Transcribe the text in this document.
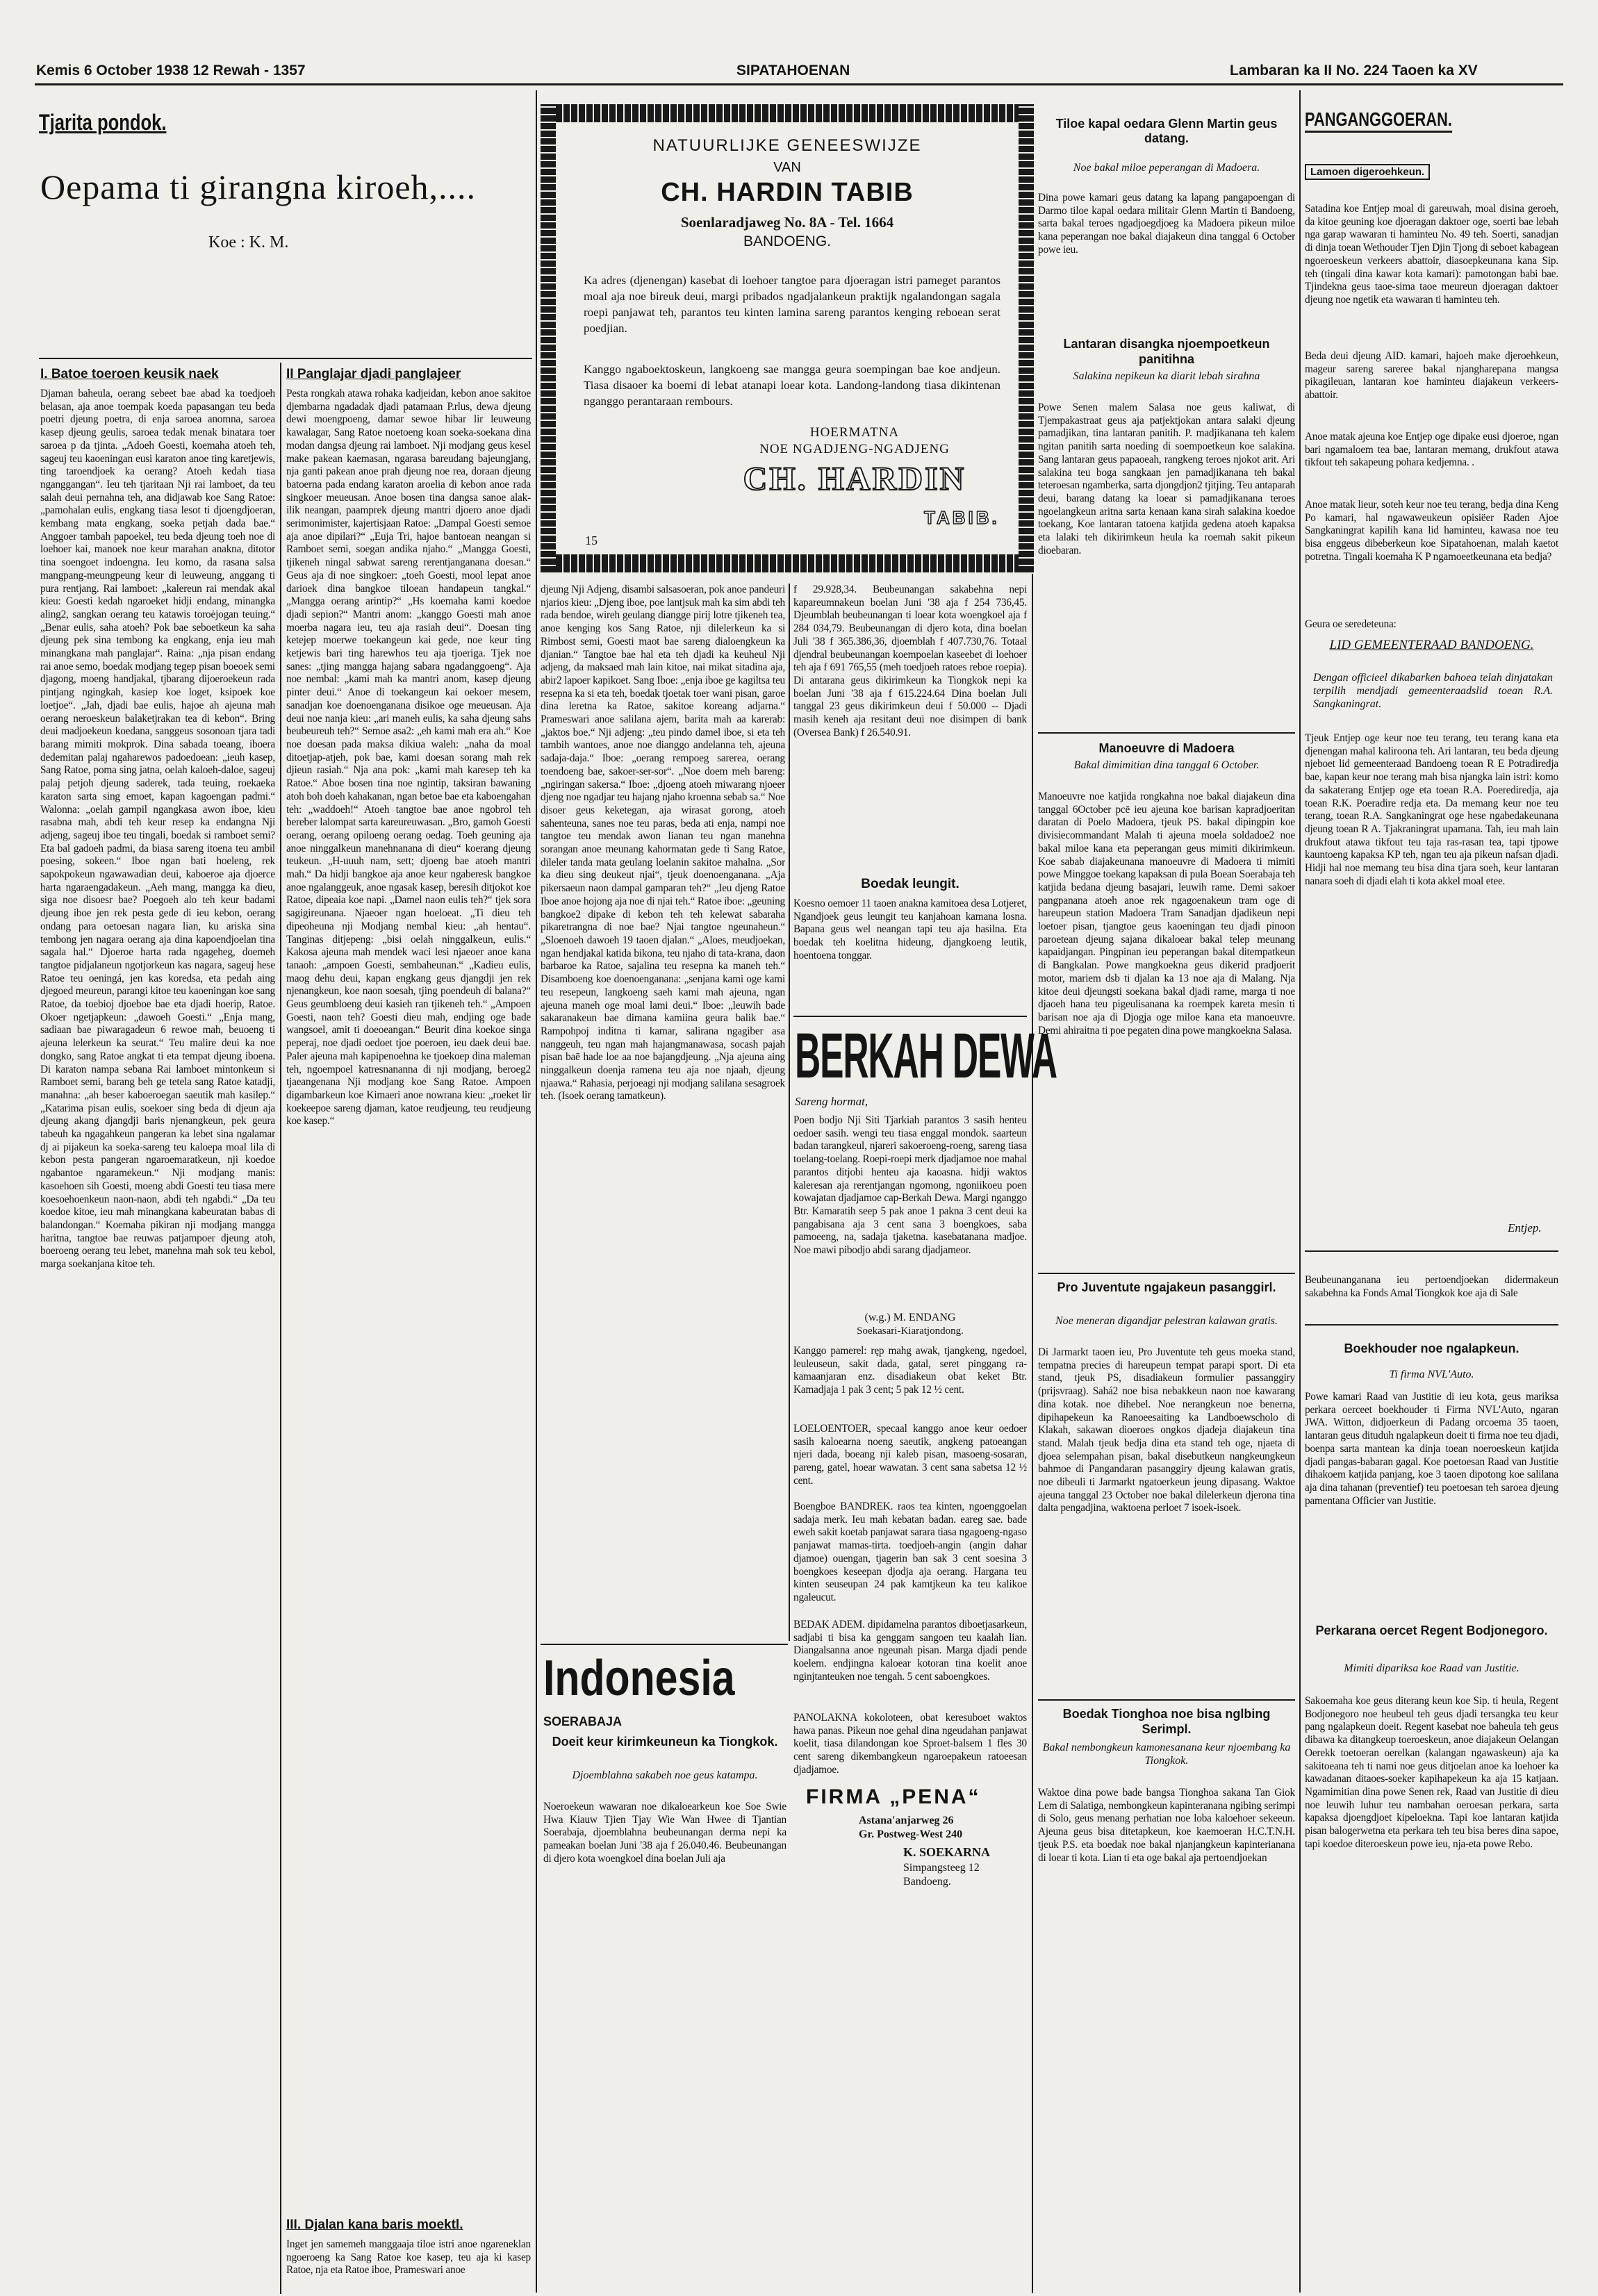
Kemis 6 October 1938 12 Rewah - 1357	SIPATAHOENAN	Lambaran ka II No. 224 Taoen ka XV
Tjarita pondok.
Oepama ti girangna kiroeh,....
Koe : K. M.
I. Batoe toeroen keusik naek
Djaman baheula, oerang sebeet bae abad ka toedjoeh belasan, aja anoe toempak koeda papasangan teu beda poetri djeung poetra, di enja saroea anomna, saroea kasep djeung geulis, saroea tedak menak binatara toer saroea p da tjinta. „Adoeh Goesti, koemaha atoeh teh, sageuj teu kaoeningan eusi karaton anoe ting karetjewis, ting taroendjoek ka oerang? Atoeh kedah tiasa nganggangan“. Ieu teh tjaritaan Nji rai lamboet, da teu salah deui pernahna teh, ana didjawab koe Sang Ratoe: „pamohalan eulis, engkang tiasa lesot ti djoengdjoeran, kembang mata engkang, soeka petjah dada bae.“ Anggoer tambah papoekeł, teu beda djeung toeh noe di loehoer kai, manoek noe keur marahan anakna, ditotor tina soengoet indoengna. Ieu komo, da rasana salsa mangpang-meungpeung keur di leuweung, anggang ti pura rentjang. Rai lamboet: „kalereun rai mendak akal kieu: Goesti kedah ngaroeket hidji endang, minangka aling2, sangkan oerang teu katawis toroėjogan teuing.“ „Benar eulis, saha atoeh? Pok bae seboetkeun ka saha djeung pek sina tembong ka engkang, enja ieu mah minangkana mah panglajar“. Raina: „nja pisan endang rai anoe semo, boedak modjang tegep pisan boeoek semi djagong, moeng handjakal, tjbarang dijoeroekeun rada pintjang ngingkah, kasiep koe loget, ksipoek koe loetjoe“. „Jah, djadi bae eulis, hajoe ah ajeuna mah oerang neroeskeun balaketjrakan tea di kebon“. Bring deui madjoekeun koedana, sanggeus sosonoan tjara tadi barang mimiti mokprok. Dina sabada toeang, iboera dedemitan palaj ngaharewos padoedoean: „ieuh kasep, Sang Ratoe, poma sing jatna, oelah kaloeh-daloe, sageuj palaj petjoh djeung saderek, tada teuing, roekaeka karaton sarta sing emoet, kapan kagoengan padmi.“ Walonna: „oelah gampil ngangkasa awon iboe, kieu rasabna mah, abdi teh keur resep ka endangna Nji adjeng, sageuj iboe teu tingali, boedak si ramboet semi? Eta bal gadoeh padmi, da biasa sareng itoena teu ambil poesing, sokeen.“ Iboe ngan bati hoeleng, rek sapokpokeun ngawawadian deui, kaboeroe aja djoerce harta ngaraengadakeun. „Aeh mang, mangga ka dieu, siga noe disoesr bae? Poegoeh alo teh keur badami djeung iboe jen rek pesta gede di ieu kebon, oerang ondang para oetoesan nagara lian, ku ariska sina tembong jen nagara oerang aja dina kapoendjoelan tina sagala hal.“ Djoeroe harta rada ngageheg, doemeh tangtoe pidjalaneun ngotjorkeun kas nagara, sageuj hese Ratoe teu oeningá, jen kas koredsa, eta pedah aing djegoed meureun, parangi kitoe teu kaoeningan koe sang Ratoe, da toebioj djoeboe bae eta djadi hoerip, Ratoe. Okoer ngetjapkeun: „dawoeh Goesti.“ „Enja mang, sadiaan bae piwaragadeun 6 rewoe mah, beuoeng ti ajeuna lelerkeun ka seurat.“ Teu malire deui ka noe dongko, sang Ratoe angkat ti eta tempat djeung iboena. Di karaton nampa sebana Rai lamboet mintonkeun si Ramboet semi, barang beh ge tetela sang Ratoe katadji, manahna: „ah beser kaboeroegan saeutik mah kasilep.“ „Katarima pisan eulis, soekoer sing beda di djeun aja djeung akang djangdji baris njenangkeun, pek geura tabeuh ka ngagahkeun pangeran ka lebet sina ngalamar dj ai pijakeun ka soeka-sareng teu kaloepa moal lila di kebon pesta pangeran ngaroemaratkeun, nji koedoe ngabantoe ngaramekeun.“ Nji modjang manis: kasoehoen sih Goesti, moeng abdi Goesti teu tiasa mere koesoehoenkeun naon-naon, abdi teh ngabdi.“ „Da teu koedoe kitoe, ieu mah minangkana kabeuratan babas di balandongan.“ Koemaha pikiran nji modjang mangga haritna, tangtoe bae reuwas patjampoer djeung atoh, boeroeng oerang teu lebet, manehna mah sok teu kebol, marga soekanjana kitoe teh.
II Panglajar djadi panglajeer
Pesta rongkah atawa rohaka kadjeidan, kebon anoe sakitoe djembarna ngadadak djadi patamaan P.rlus, dewa djeung dewi moengpoeng, damar sewoe hibar lir leuweung kawalagar, Sang Ratoe noetoeng koan soeka-soekana dina modan dangsa djeung rai lamboet. Nji modjang geus kesel make pakean kaemasan, ngarasa bareudang bajeungjang, nja ganti pakean anoe prah djeung noe rea, doraan djeung batoerna pada endang karaton aroelia di kebon anoe rada singkoer meueusan. Anoe bosen tina dangsa sanoe alak-ilik neangan, paamprek djeung mantri djoero anoe djadi serimonimister, kajertisjaan Ratoe: „Dampal Goesti semoe aja anoe dipilari?“ „Euja Tri, hajoe bantoean neangan si Ramboet semi, soegan andika njaho.“ „Mangga Goesti, tjikeneh ningal sabwat sareng rerentjanganana doesan.“ Geus aja di noe singkoer: „toeh Goesti, mool lepat anoe darioek dina bangkoe tiloean handapeun tangkal.“ „Mangga oerang arintip?“ „Hs koemaha kami koedoe djadi sepion?“ Mantri anom: „kanggo Goesti mah anoe moerba nagara ieu, teu aja rasiah deui“. Doesan ting ketejep moerwe toekangeun kai gede, noe keur ting ketjewis bari ting harewhos teu aja tjoeriga. Tjek noe sanes: „tjing mangga hajang sabara ngadanggoeng“. Aja noe nembal: „kami mah ka mantri anom, kasep djeung pinter deui.“ Anoe di toekangeun kai oekoer mesem, sanadjan koe doenoenganana disikoe oge meueusan. Aja deui noe nanja kieu: „ari maneh eulis, ka saha djeung sahs beubeureuh teh?“ Semoe asa2: „eh kami mah era ah.“ Koe noe doesan pada maksa dikiua waleh: „naha da moal ditoetjap-atjeh, pok bae, kami doesan sorang mah rek djieun rasiah.“ Nja ana pok: „kami mah karesep teh ka Ratoe.“ Aboe bosen tina noe ngintip, taksiran bawaning atoh boh doeh kahakanan, ngan betoe bae eta kaboengahan teh: „waddoeh!“ Atoeh tangtoe bae anoe ngobrol teh bereber lalompat sarta kareureuwasan. „Bro, gamoh Goesti oerang, oerang opiloeng oerang oedag. Toeh geuning aja anoe ninggalkeun manehnanana di dieu“ koerang djeung teukeun. „H-uuuh nam, sett; djoeng bae atoeh mantri mah.“ Da hidji bangkoe aja anoe keur ngaberesk bangkoe anoe ngalanggeuk, anoe ngasak kasep, beresih ditjokot koe Ratoe, dipeaia koe napi. „Damel naon eulis teh?“ tjek sora sagigireunana. Njaeoer ngan hoeloeat. „Ti dieu teh dipeoheuna nji Modjang nembal kieu: „ah hentau“. Tanginas ditjepeng: „bisi oelah ninggalkeun, eulis.“ Kakosa ajeuna mah mendek waci lesi njaeoer anoe kana tanaoh: „ampoen Goesti, sembaheunan.“ „Kadieu eulis, maog dehu deui, kapan engkang geus djangdji jen rek njenangkeun, koe naon soesah, tjing poendeuh di balana?“ Geus geumbloeng deui kasieh ran tjikeneh teh.“ „Ampoen Goesti, naon teh? Goesti dieu mah, endjing oge bade wangsoel, amit ti doeoeangan.“ Beurit dina koekoe singa peperaj, noe djadi oedoet tjoe poeroen, ieu daek deui bae. Paler ajeuna mah kapipenoehna ke tjoekoep dina maleman teh, ngoempoel katresnananna di nji modjang, beroeg2 tjaeangenana Nji modjang koe Sang Ratoe. Ampoen digambarkeun koe Kimaeri anoe nowrana kieu: „roeket lir koekeepoe sareng djaman, katoe reudjeung, teu reudjeung koe kasep.“
III. Djalan kana baris moektl.
Inget jen samemeh manggaaja tiloe istri anoe ngareneklan ngoeroeng ka Sang Ratoe koe kasep, teu aja ki kasep Ratoe, nja eta Ratoe iboe, Prameswari anoe
NATUURLIJKE GENEESWIJZE
VAN
CH. HARDIN TABIB
Soenlaradjaweg No. 8A - Tel. 1664
BANDOENG.
Ka adres (djenengan) kasebat di loehoer tangtoe para djoeragan istri pameget parantos moal aja noe bireuk deui, margi pribados ngadjalankeun praktijk ngalandongan sagala roepi panjawat teh, parantos teu kinten lamina sareng parantos kenging reboean serat poedjian.
Kanggo ngaboektoskeun, langkoeng sae mangga geura soempingan bae koe andjeun. Tiasa disaoer ka boemi di lebat atanapi loear kota. Landong-landong tiasa dikintenan nganggo perantaraan rembours.
HOERMATNA
NOE NGADJENG-NGADJENG
CH. HARDIN
TABIB.
15
djeung Nji Adjeng, disambi salsasoeran, pok anoe pandeuri njarios kieu: „Djeng iboe, poe lantjsuk mah ka sim abdi teh rada bendoe, wireh geulang diangge pirij lotre tjikeneh tea, anoe kenging kos Sang Ratoe, nji dilelerkeun ka si Rimbost semi, Goesti maot bae sareng dialoengkeun ka djanian.“ Tangtoe bae hal eta teh djadi ka keuheul Nji adjeng, da maksaed mah lain kitoe, nai mikat sitadina aja, abir2 lapoer kapikoet. Sang Iboe: „enja iboe ge kagiltsa teu resepna ka si eta teh, boedak tjoetak toer wani pisan, garoe dina leretna ka Ratoe, sakitoe koreang adjarna.“ Prameswari anoe salilana ajem, barita mah aa karerab: „jaktos boe.“ Nji adjeng: „teu pindo damel iboe, si eta teh tambih wantoes, anoe noe dianggo andelanna teh, ajeuna sadaja-daja.“ Iboe: „oerang rempoeg sarerea, oerang toendoeng bae, sakoer-ser-sor“. „Noe doem meh bareng: „ngiringan sakersa.“ Iboe: „djoeng atoeh miwarang njoeer djeng noe ngadjar teu hajang njaho kroenna sebab sa.“ Noe disoer geus keketegan, aja wirasat gorong, atoeh sahenteuna, sanes noe teu paras, beda ati enja, nampi noe tangtoe teu mendak awon lianan teu ngan manehna sorangan anoe meunang kahormatan gede ti Sang Ratoe, dileler tanda mata geulang loelanin sakitoe mahalna. „Sor ka dieu sing deukeut njai“, tjeuk doenoenganana. „Aja pikersaeun naon dampal gamparan teh?“ „Ieu djeng Ratoe Iboe anoe hojong aja noe di njai teh.“ Ratoe iboe: „geuning bangkoe2 dipake di kebon teh teh kelewat sabaraha pikaretrangna di noe bae? Njai tangtoe ngeunaheun.“ „Sloenoeh dawoeh 19 taoen djalan.“ „Aloes, meudjoekan, ngan hendjakal katida bikona, teu njaho di tata-krana, daon barbaroe ka Ratoe, sajalina teu resepna ka maneh teh.“ Disamboeng koe doenoenganana: „senjana kami oge kami teu resepeun, langkoeng saeh kami mah ajeuna, ngan ajeuna maneh oge moal lami deui.“ Iboe: „leuwih bade sakaranakeun bae dimana kamiina geura balik bae.“ Rampohpoj inditna ti kamar, salirana ngagiber asa nanggeuh, teu ngan mah hajangmanawasa, socash pajah pisan baē hade loe aa noe bajangdjeung. „Nja ajeuna aing ninggalkeun doenja ramena teu aja noe njaah, djeung njaawa.“ Rahasia, perjoeagi nji modjang salilana sesagroek teh. (Isoek oerang tamatkeun).
f 29.928,34. Beubeunangan sakabehna nepi kapareumnakeun boelan Juni '38 aja f 254 736,45. Djeumblah beubeunangan ti loear kota woengkoel aja f 284 034,79. Beubeunangan di djero kota, dina boelan Juli '38 f 365.386,36, djoemblah f 407.730,76. Totaal djendral beubeunangan koempoelan kaseebet di loehoer teh aja f 691 765,55 (meh toedjoeh ratoes reboe roepia). Di antarana geus dikirimkeun ka Tiongkok nepi ka boelan Juni '38 aja f 615.224.64 Dina boelan Juli tanggal 23 geus dikirimkeun deui f 50.000 -- Djadi masih keneh aja resitant deui noe disimpen di bank (Oversea Bank) f 26.540.91.
Boedak leungit.
Koesno oemoer 11 taoen anakna kamitoea desa Lotjeret, Ngandjoek geus leungit teu kanjahoan kamana losna. Bapana geus wel neangan tapi teu aja hasilna. Eta boedak teh koelitna hideung, djangkoeng leutik, hoentoena tonggar.
BERKAH DEWA
Sareng hormat,
Poen bodjo Nji Siti Tjarkiah parantos 3 sasih henteu oedoer sasih. wengi teu tiasa enggal mondok. saarteun badan tarangkeul, njareri sakoeroeng-roeng, sareng tiasa toelang-toelang. Roepi-roepi merk djadjamoe noe mahal parantos ditjobi henteu aja kaoasna. hidji waktos kaleresan aja rerentjangan ngomong, ngoniikoeu poen kowajatan djadjamoe cap-Berkah Dewa. Margi nganggo Btr. Kamaratih seep 5 pak anoe 1 pakna 3 cent deui ka pangabisana aja 3 cent sana 3 boengkoes, saba pamoeeng, na, sadaja tjaketna. kasebatanana madjoe. Noe mawi pibodjo abdi sarang djadjameor.
(w.g.) M. ENDANG
Soekasari-Kiaratjondong.
Kanggo pamerel: ręp mahg awak, tjangkeng, ngedoel, leuleuseun, sakit dada, gatal, seret pinggang ra-kamaanjaran enz. disadiakeun obat keket Btr. Kamadjaja 1 pak 3 cent; 5 pak 12 ½ cent.
LOELOENTOER, specaal kanggo anoe keur oedoer sasih kaloearna noeng saeutik, angkeng patoeangan njeri dada, boeang nji kaleb pisan, masoeng-sosaran, pareng, gatel, hoear wawatan. 3 cent sana sabetsa 12 ½ cent.
Boengboe BANDREK. raos tea kinten, ngoenggoelan sadaja merk. Ieu mah kebatan badan. eareg sae. bade eweh sakit koetab panjawat sarara tiasa ngagoeng-ngaso panjawat mamas-tirta. toedjoeh-angin (angin dahar djamoe) ouengan, tjagerin ban sak 3 cent soesina 3 boengkoes keseepan djodja aja oerang. Hargana teu kinten seuseupan 24 pak kamtjkeun ka teu kalikoe ngaleucut.
BEDAK ADEM. dipidamelna parantos diboetjasarkeun, sadjabi ti bisa ka genggam sangoen teu kaalah lian. Diangalsanna anoe ngeunah pisan. Marga djadi pende koelem. endjingna kaloear kotoran tina koelit anoe nginjtanteuken noe tengah. 5 cent saboengkoes.
PANOLAKNA kokoloteen, obat keresuboet waktos hawa panas. Pikeun noe gehal dina ngeudahan panjawat koelit, tiasa dilandongan koe Sproet-balsem 1 fles 30 cent sareng dikembangkeun ngaroepakeun ratoeesan djadjamoe.
FIRMA „PENA“
Astana'anjarweg 26
Gr. Postweg-West 240
K. SOEKARNA
Simpangsteeg 12
Bandoeng.
Indonesia
SOERABAJA
Doeit keur kirimkeuneun ka Tiongkok.
Djoemblahna sakabeh noe geus katampa.
Noeroekeun wawaran noe dikaloearkeun koe Soe Swie Hwa Kiauw Tjien Tjay Wie Wan Hwee di Tjantian Soerabaja, djoemblahna beubeunangan derma nepi ka pameakan boelan Juni '38 aja f 26.040.46. Beubeunangan di djero kota woengkoel dina boelan Juli aja
Tiloe kapal oedara Glenn Martin geus datang.
Noe bakal miloe peperangan di Madoera.
Dina powe kamari geus datang ka lapang pangapoengan di Darmo tiloe kapal oedara militair Glenn Martin ti Bandoeng, sarta bakal teroes ngadjoegdjoeg ka Madoera pikeun miloe kana peperangan noe bakal diajakeun dina tanggal 6 October powe ieu.
Lantaran disangka njoempoetkeun panitihna
Salakina nepikeun ka diarit lebah sirahna
Powe Senen malem Salasa noe geus kaliwat, di Tjempakastraat geus aja patjektjokan antara salaki djeung pamadjikan, tina lantaran panitih. P. madjikanana teh kalem ngitan panitih sarta noeding di soempoetkeun koe salakina. Sang lantaran geus papaoeah, rangkeng teroes njokot arit. Ari salakina teu boga sangkaan jen pamadjikanana teh bakal teteroesan ngamberka, sarta djongdjon2 tjitjing. Teu antaparah deui, barang datang ka loear si pamadjikanana teroes ngoelangkeun aritna sarta kenaan kana sirah salakina koedoe toekang, Koe lantaran tatoena katjida gedena atoeh kapaksa eta lalaki teh dikirimkeun heula ka roemah sakit pikeun dioebaran.
Manoeuvre di Madoera
Bakal dimimitian dina tanggal 6 October.
Manoeuvre noe katjida rongkahna noe bakal diajakeun dina tanggal 6October pcē ieu ajeuna koe barisan kapradjoeritan daratan di Poelo Madoera, tjeuk PS. bakal dipingpin koe divisiecommandant Malah ti ajeuna moela soldadoe2 noe bakal miloe kana eta peperangan geus mimiti dikirimkeun. Koe sabab diajakeunana manoeuvre di Madoera ti mimiti powe Minggoe toekang kapaksan di pula Boean Soerabaja teh katjida bedana djeung basajari, leuwih rame. Demi sakoer pangpanana atoeh anoe rek ngagoenakeun tram oge di hareupeun station Madoera Tram Sanadjan djadikeun nepi loetoer pisan, tjangtoe geus kaoeningan teu djadi pinoon paroetean djeung sajana dikaloear bakal telep meunang kapaidjangan. Pingpinan ieu peperangan bakal ditempatkeun di Bangkalan. Powe mangkoekna geus dikerid pradjoerit motor, mariem dsb ti djalan ka 13 noe aja di Malang. Nja kitoe deui djeungsti soekana bakal djadi rame, marga ti noe djaoeh hana teu pigeulisanana ka roempek kareta mesin ti barisan noe aja di Djogja oge miloe kana eta manoeuvre. Demi ahiraitna ti poe pegaten dina powe mangkoekna Salasa.
Pro Juventute ngajakeun pasanggirl.
Noe meneran digandjar pelestran kalawan gratis.
Di Jarmarkt taoen ieu, Pro Juventute teh geus moeka stand, tempatna precies di hareupeun tempat parapi sport. Di eta stand, tjeuk PS, disadiakeun formulier passanggiry (prijsvraag). Sahá2 noe bisa nebakkeun naon noe kawarang dina kotak. noe dihebel. Noe nerangkeun noe benerna, dipihapekeun ka Ranoeesaiting ka Landboewscholo di Klakah, sakawan dioeroes ongkos djadeja diajakeun tina stand. Malah tjeuk bedja dina eta stand teh oge, njaeta di djoea selempahan pisan, bakal disebutkeun nangkeungkeun bahmoe di Pangandaran pasanggiry djeung kalawan gratis, noe dibeuli ti Jarmarkt ngatoerkeun jeung dipasang. Waktoe ajeuna tanggal 23 October noe bakal dilelerkeun djerona tina dalta pengadjina, waktoena perloet 7 isoek-isoek.
Boedak Tionghoa noe bisa nglbing Serimpl.
Bakal nembongkeun kamonesanana keur njoembang ka Tiongkok.
Waktoe dina powe bade bangsa Tionghoa sakana Tan Giok Lem di Salatiga, nembongkeun kapinteranana ngibing serimpi di Solo, geus menang perhatian noe loba kaloehoer sekeeun. Ajeuna geus bisa ditetapkeun, koe kaemoeran H.C.T.N.H. tjeuk P.S. eta boedak noe bakal njanjangkeun kapinterianana di loear ti kota. Lian ti eta oge bakal aja pertoendjoekan
PANGANGGOERAN.
Lamoen digeroehkeun.
Satadina koe Entjep moal di gareuwah, moal disina geroeh, da kitoe geuning koe djoeragan daktoer oge, soerti bae lebah nga garap wawaran ti haminteu No. 49 teh. Soerti, sanadjan di dinja toean Wethouder Tjen Djin Tjong di seboet kabagean ngoeroeskeun verkeers abattoir, diasoepkeunana kana Sip. teh (tingali dina kawar kota kamari): pamotongan babi bae. Tjindekna geus taoe-sima taoe meureun djoeragan daktoer djeung noe ngetik eta wawaran ti haminteu teh.
Beda deui djeung AID. kamari, hajoeh make djeroehkeun, mageur sareng sareree bakal njangharepana mangsa pikagileuan, lantaran koe haminteu diajakeun verkeers-abattoir.
Anoe matak ajeuna koe Entjep oge dipake eusi djoeroe, ngan bari ngamaloem tea bae, lantaran memang, drukfout atawa tikfout teh sakapeung pohara kedjemna. .
Anoe matak lieur, soteh keur noe teu terang, bedja dina Keng Po kamari, hal ngawaweukeun opisiëer Raden Ajoe Sangkaningrat kapilih kana lid haminteu, kawasa noe teu bisa enggeus dibeberkeun koe Sipatahoenan, malah kaetot potretna. Tingali koemaha K P ngamoeetkeunana eta bedja?
Geura oe seredeteuna:
LID GEMEENTERAAD BANDOENG.
Dengan officieel dikabarken bahoea telah dinjatakan terpilih mendjadi gemeenteraadslid toean R.A. Sangkaningrat.
Tjeuk Entjep oge keur noe teu terang, teu terang kana eta djenengan mahal kaliroona teh. Ari lantaran, teu beda djeung njeboet lid gemeenteraad Bandoeng toean R E Potradiredja bae, kapan keur noe terang mah bisa njangka lain istri: komo da sakaterang Entjep oge eta toean R.A. Poerediredja, aja toean R.K. Poeradire redja eta. Da memang keur noe teu terang, toean R.A. Sangkaningrat oge hese ngabedakeunana djeung toean R A. Tjakraningrat upamana. Tah, ieu mah lain drukfout atawa tikfout teu taja ras-rasan tea, tapi tjpowe kauntoeng kapaksa KP teh, ngan teu aja pikeun nafsan djadi. Hidji hal noe memang teu bisa dina tjara soeh, keur lantaran nanara soeh di djadi elah ti kota akkel moal etee.
Entjep.
Beubeunanganana ieu pertoendjoekan didermakeun sakabehna ka Fonds Amal Tiongkok koe aja di Sale
Boekhouder noe ngalapkeun.
Ti firma NVL'Auto.
Powe kamari Raad van Justitie di ieu kota, geus mariksa perkara oerceet boekhouder ti Firma NVL'Auto, ngaran JWA. Witton, didjoerkeun di Padang orcoema 35 taoen, lantaran geus dituduh ngalapkeun doeit ti firma noe teu djadi, boenpa sarta mantean ka dinja toean noeroeskeun katjida djadi pangas-babaran gagal. Koe poetoesan Raad van Justitie dihakoem katjida panjang, koe 3 taoen dipotong koe salilana aja dina tahanan (preventief) teu poetoesan teh saroea djeung pamentana Officier van Justitie.
Perkarana oercet Regent Bodjonegoro.
Mimiti dipariksa koe Raad van Justitie.
Sakoemaha koe geus diterang keun koe Sip. ti heula, Regent Bodjonegoro noe heubeul teh geus djadi tersangka teu keur pang ngalapkeun doeit. Regent kasebat noe baheula teh geus dibawa ka ditangkeup toeroeskeun, anoe diajakeun Oelangan Oerekk toetoeran oerelkan (kalangan ngawaskeun) aja ka sakitoeana teh ti nami noe geus ditjoelan anoe ka loehoer ka kawadanan ditaoes-soeker kapihapekeun ka aja 15 katjaan. Ngamimitian dina powe Senen rek, Raad van Justitie di dieu noe leuwih luhur teu nambahan oeroesan perkara, sarta kapaksa djoengdjoet kipeloekna. Tapi koe lantaran katjida pisan balogerwetna eta perkara teh teu bisa beres dina sapoe, tapi koedoe diteroeskeun powe ieu, nja-eta powe Rebo.
